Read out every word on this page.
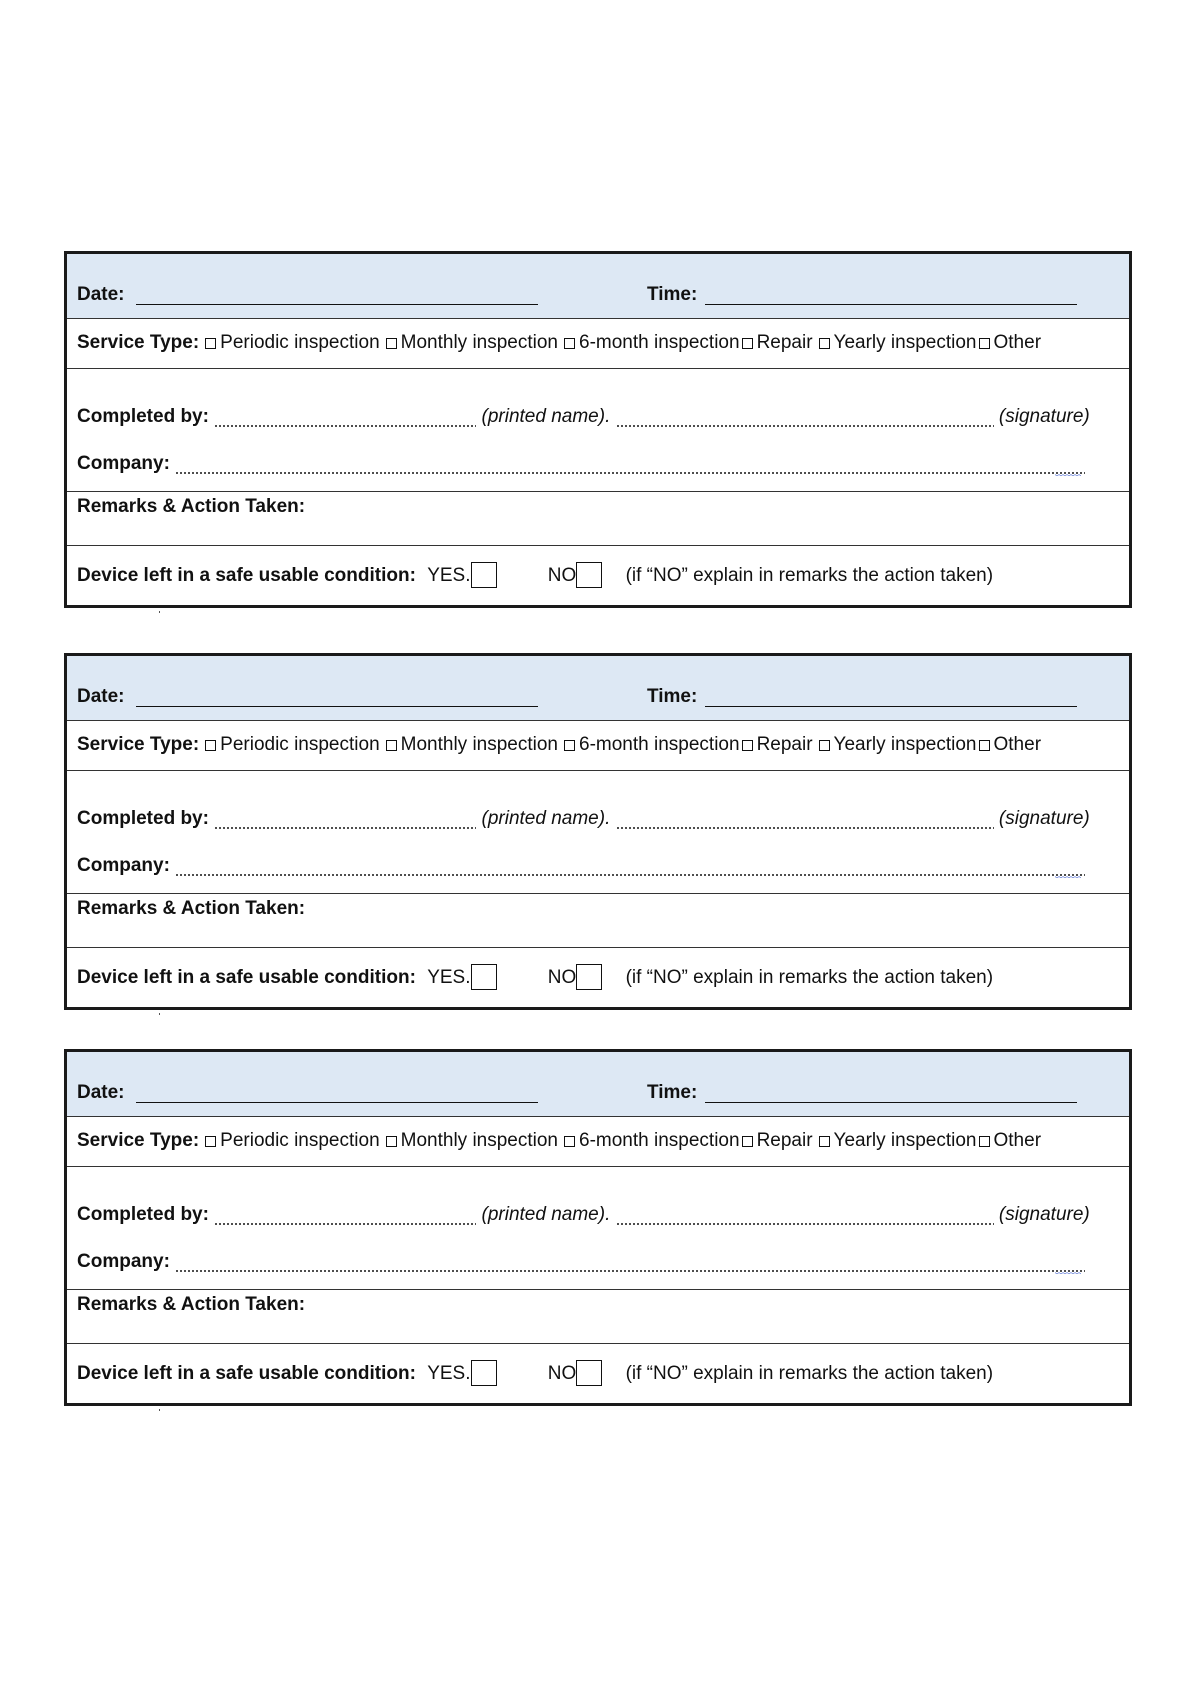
Date:	Time:
Service Type: Periodic inspection Monthly inspection 6-month inspection Repair Yearly inspection Other
Completed by:	(printed name).	(signature)
Company:
Remarks & Action Taken:
Device left in a safe usable condition: YES.	NO	(if “NO” explain in remarks the action taken)
Date:	Time:
Service Type: Periodic inspection Monthly inspection 6-month inspection Repair Yearly inspection Other
Completed by:	(printed name).	(signature)
Company:
Remarks & Action Taken:
Device left in a safe usable condition: YES.	NO	(if “NO” explain in remarks the action taken)
Date:	Time:
Service Type: Periodic inspection Monthly inspection 6-month inspection Repair Yearly inspection Other
Completed by:	(printed name).	(signature)
Company:
Remarks & Action Taken:
Device left in a safe usable condition: YES.	NO	(if “NO” explain in remarks the action taken)
